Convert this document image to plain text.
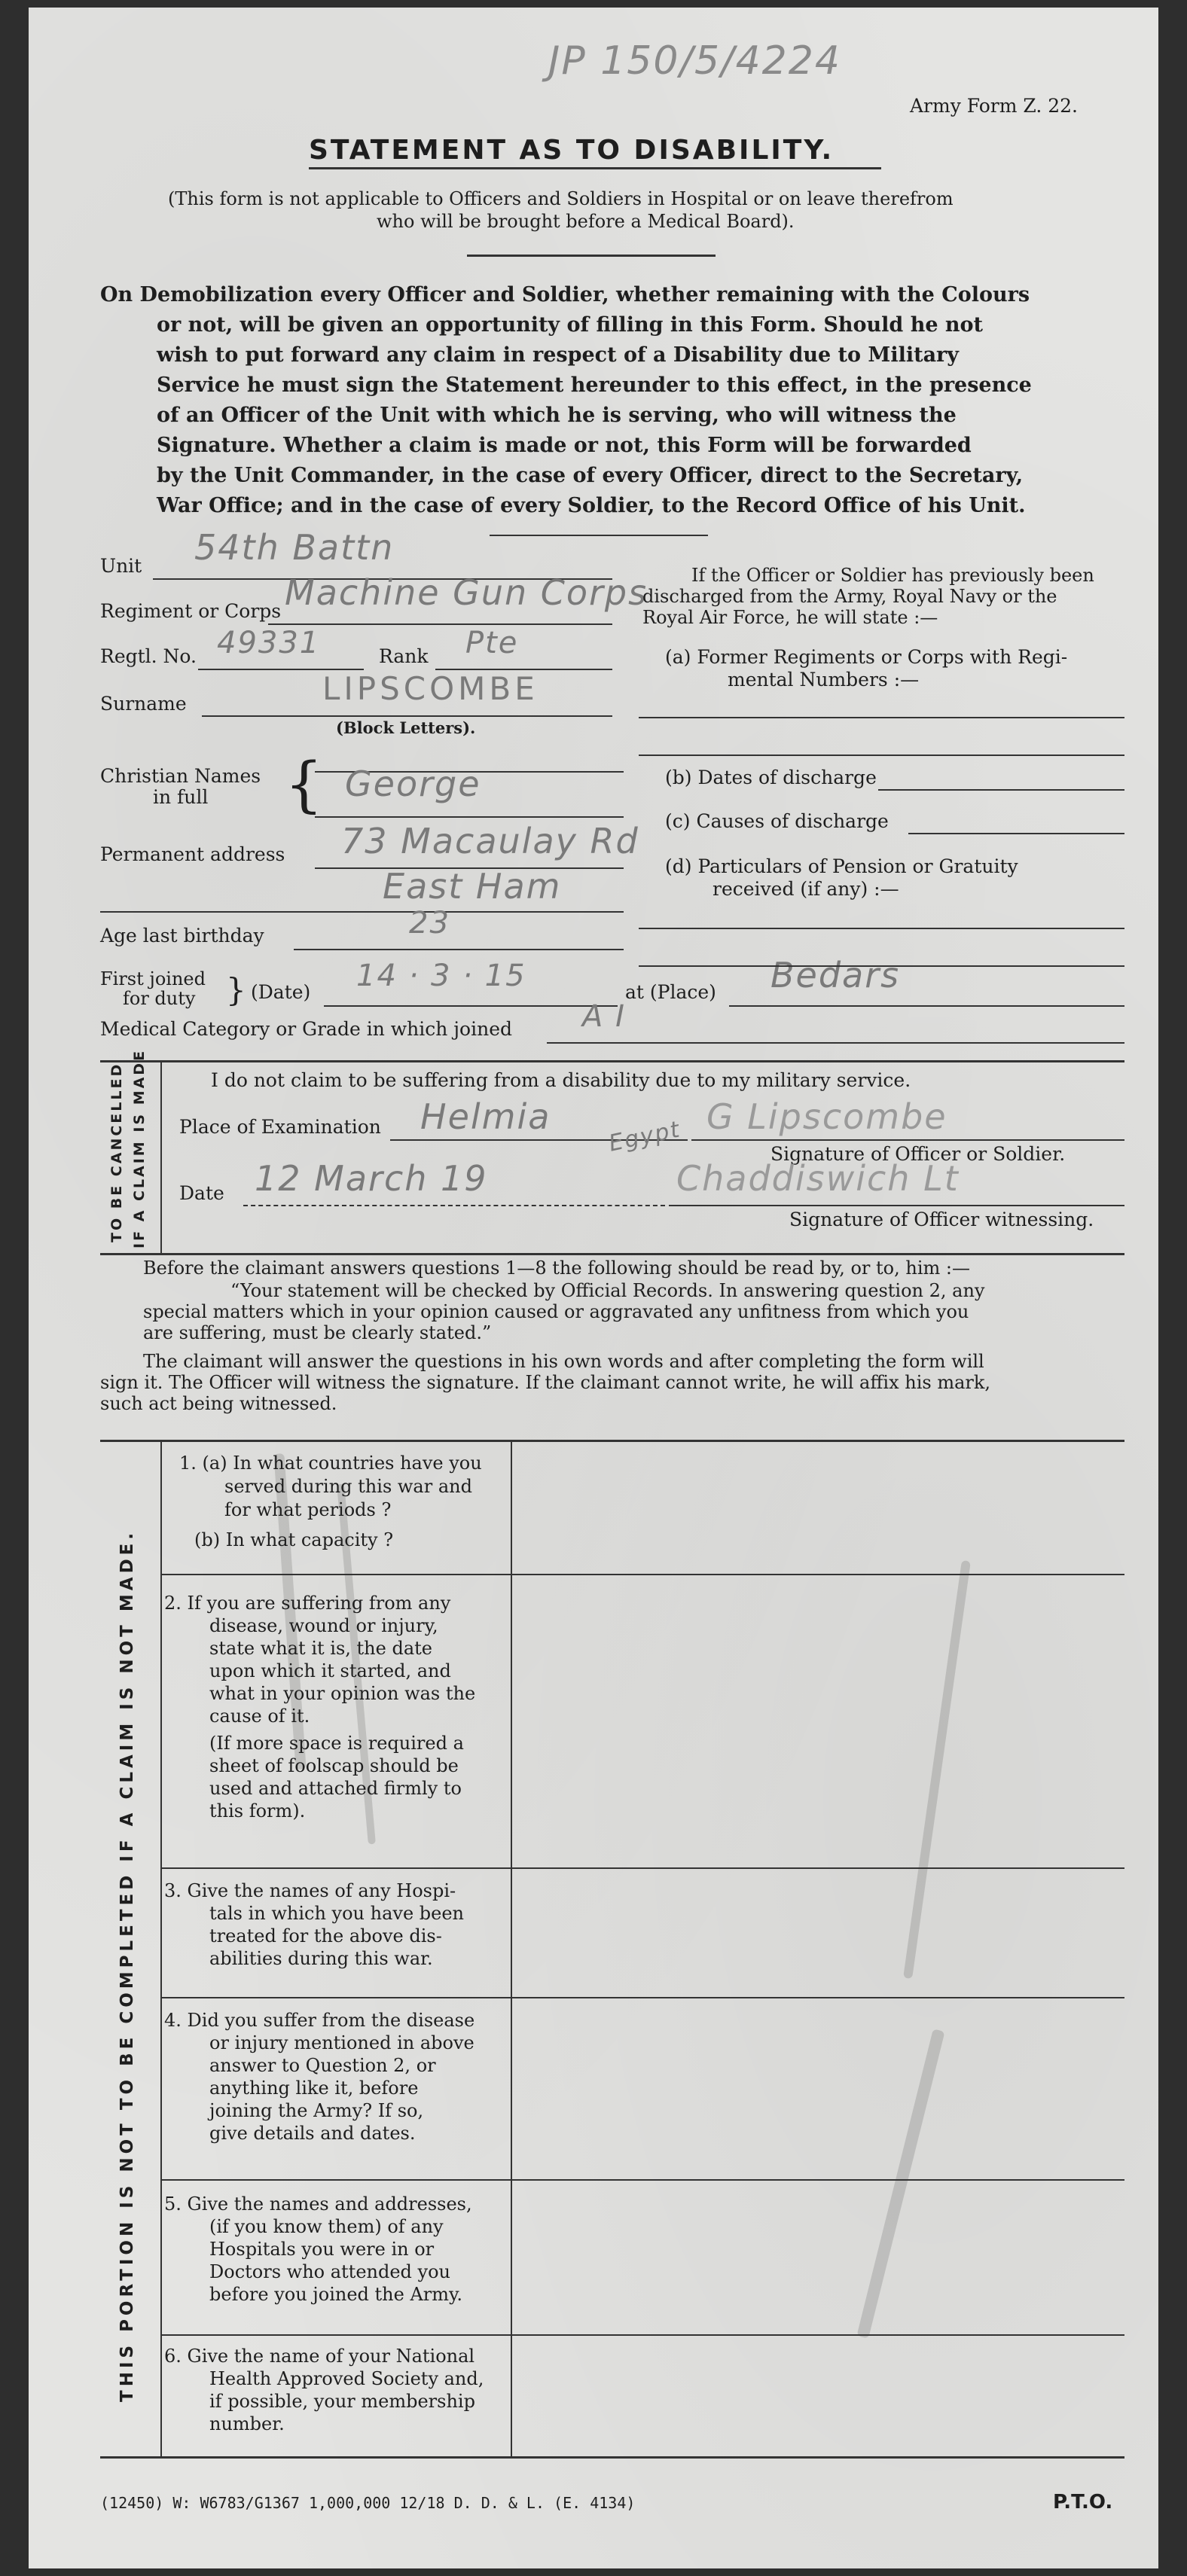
JP 150/5/4224
Army Form Z. 22.
STATEMENT AS TO DISABILITY.
(This form is not applicable to Officers and Soldiers in Hospital or on leave therefrom
who will be brought before a Medical Board).
On Demobilization every Officer and Soldier, whether remaining with the Colours
or not, will be given an opportunity of filling in this Form. Should he not
wish to put forward any claim in respect of a Disability due to Military
Service he must sign the Statement hereunder to this effect, in the presence
of an Officer of the Unit with which he is serving, who will witness the
Signature. Whether a claim is made or not, this Form will be forwarded
by the Unit Commander, in the case of every Officer, direct to the Secretary,
War Office; and in the case of every Soldier, to the Record Office of his Unit.
Unit 54th Battn
Regiment or Corps Machine Gun Corps
Regtl. No. 49331	Rank Pte
Surname	LIPSCOMBE
(Block Letters).
Christian Names
in full { George
Permanent address 73 Macaulay Rd
East Ham
Age last birthday	23
First joined
for duty } (Date) 14 · 3 · 15	at (Place) Bedars
Medical Category or Grade in which joined A I
If the Officer or Soldier has previously been
discharged from the Army, Royal Navy or the
Royal Air Force, he will state :—
(a) Former Regiments or Corps with Regi-
mental Numbers :—
(b) Dates of discharge
(c) Causes of discharge
(d) Particulars of Pension or Gratuity
received (if any) :—
TO BE CANCELLED IF A CLAIM IS MADE	I do not claim to be suffering from a disability due to my military service.
Place of Examination Helmia Egypt G Lipscombe
Signature of Officer or Soldier.
Date 12 March 19	Chaddiswich Lt
Signature of Officer witnessing.
Before the claimant answers questions 1—8 the following should be read by, or to, him :—
“Your statement will be checked by Official Records. In answering question 2, any
special matters which in your opinion caused or aggravated any unfitness from which you
are suffering, must be clearly stated.”
The claimant will answer the questions in his own words and after completing the form will
sign it. The Officer will witness the signature. If the claimant cannot write, he will affix his mark,
such act being witnessed.
THIS PORTION IS NOT TO BE COMPLETED IF A CLAIM IS NOT MADE.
1. (a) In what countries have you
served during this war and
for what periods ?
(b) In what capacity ?
2. If you are suffering from any
disease, wound or injury,
state what it is, the date
upon which it started, and
what in your opinion was the
cause of it.
(If more space is required a
sheet of foolscap should be
used and attached firmly to
this form).
3. Give the names of any Hospi-
tals in which you have been
treated for the above dis-
abilities during this war.
4. Did you suffer from the disease
or injury mentioned in above
answer to Question 2, or
anything like it, before
joining the Army? If so,
give details and dates.
5. Give the names and addresses,
(if you know them) of any
Hospitals you were in or
Doctors who attended you
before you joined the Army.
6. Give the name of your National
Health Approved Society and,
if possible, your membership
number.
(12450) W: W6783/G1367 1,000,000 12/18 D. D. & L. (E. 4134)	P.T.O.
